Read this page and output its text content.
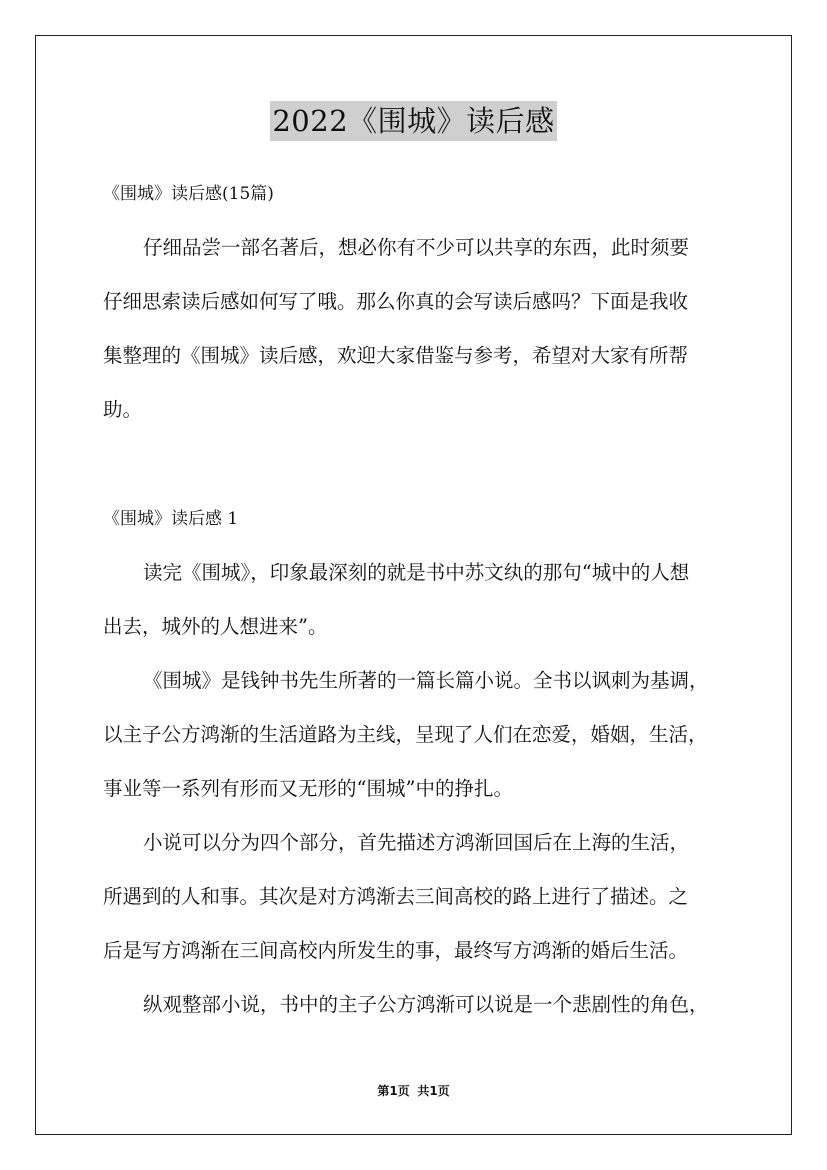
2022《围城》读后感
《围城》读后感(15篇)
仔细品尝一部名著后，想必你有不少可以共享的东西，此时须要
仔细思索读后感如何写了哦。那么你真的会写读后感吗？下面是我收
集整理的《围城》读后感，欢迎大家借鉴与参考，希望对大家有所帮
助。
《围城》读后感 1
读完《围城》，印象最深刻的就是书中苏文纨的那句“城中的人想
出去，城外的人想进来”。
《围城》是钱钟书先生所著的一篇长篇小说。全书以讽刺为基调，
以主子公方鸿渐的生活道路为主线，呈现了人们在恋爱，婚姻，生活，
事业等一系列有形而又无形的“围城”中的挣扎。
小说可以分为四个部分，首先描述方鸿渐回国后在上海的生活，
所遇到的人和事。其次是对方鸿渐去三间高校的路上进行了描述。之
后是写方鸿渐在三间高校内所发生的事，最终写方鸿渐的婚后生活。
纵观整部小说，书中的主子公方鸿渐可以说是一个悲剧性的角色，
第1页 共1页
